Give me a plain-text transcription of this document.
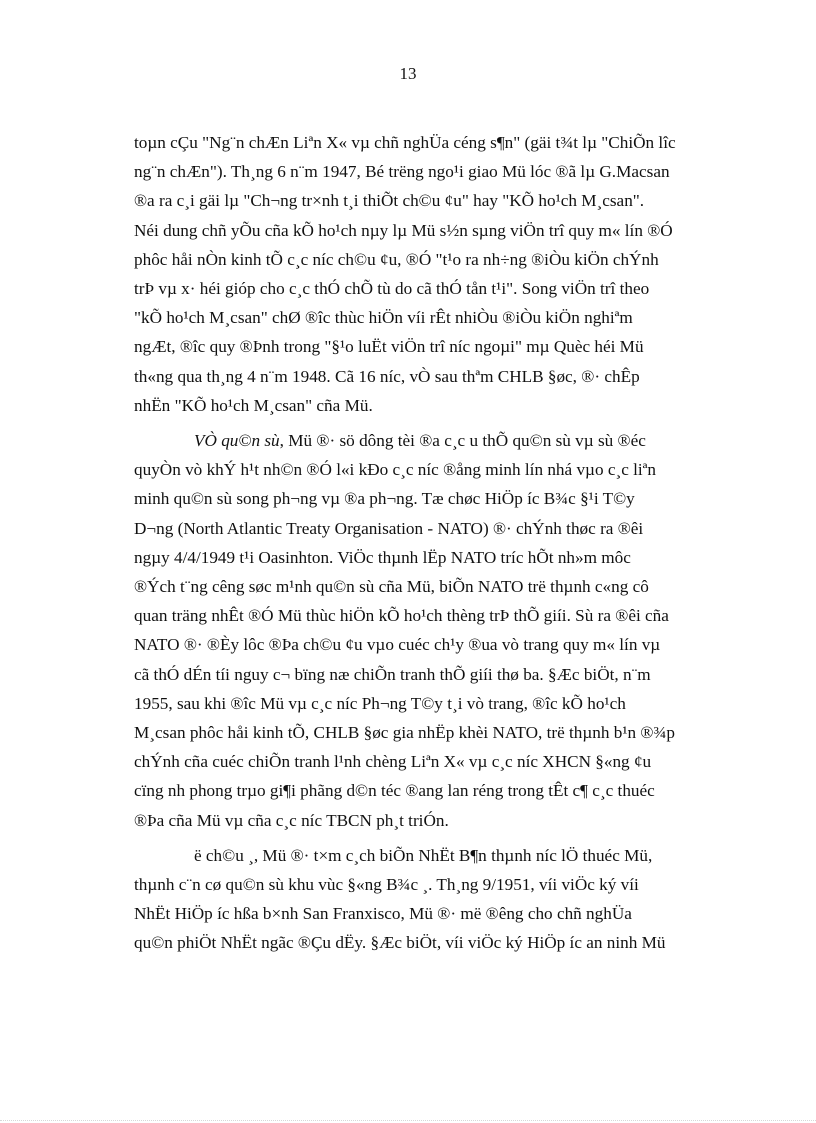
13

toµn cÇu "Ng¨n chÆn Liªn X« vµ chñ nghÜa céng s¶n" (gäi t¾t lµ "ChiÕn lîc
ng¨n chÆn"). Th¸ng 6 n¨m 1947, Bé trëng ngo¹i giao Mü lóc ®ã lµ G.Macsan
®a ra c¸i gäi lµ "Ch¬ng tr×nh t¸i thiÕt ch©u ¢u" hay "KÕ ho¹ch M¸csan".
Néi dung chñ yÕu cña kÕ ho¹ch nµy lµ Mü s½n sµng viÖn trî quy m« lín ®Ó
phôc håi nÒn kinh tÕ c¸c níc ch©u ¢u, ®Ó "t¹o ra nh÷ng ®iÒu kiÖn chÝnh
trÞ vµ x· héi gióp cho c¸c thÓ chÕ tù do cã thÓ tån t¹i". Song viÖn trî theo
"kÕ ho¹ch M¸csan" chØ ®îc thùc hiÖn víi rÊt nhiÒu ®iÒu kiÖn nghiªm
ngÆt, ®îc quy ®Þnh trong "§¹o luËt viÖn trî níc ngoµi" mµ Quèc héi Mü
th«ng qua th¸ng 4 n¨m 1948. Cã 16 níc, vÒ sau thªm CHLB §øc, ®· chÊp
nhËn "KÕ ho¹ch M¸csan" cña Mü.

VÒ qu©n sù, Mü ®· sö dông tèi ®a c¸c u thÕ qu©n sù vµ sù ®éc
quyÒn vò khÝ h¹t nh©n ®Ó l«i kÐo c¸c níc ®ång minh lín nhá vµo c¸c liªn
minh qu©n sù song ph¬ng vµ ®a ph¬ng. Tæ chøc HiÖp íc B¾c §¹i T©y
D¬ng (North Atlantic Treaty Organisation - NATO) ®· chÝnh thøc ra ®êi
ngµy 4/4/1949 t¹i Oasinhton. ViÖc thµnh lËp NATO tríc hÕt nh»m môc
®Ých t¨ng cêng søc m¹nh qu©n sù cña Mü, biÕn NATO trë thµnh c«ng cô
quan träng nhÊt ®Ó Mü thùc hiÖn kÕ ho¹ch thèng trÞ thÕ giíi. Sù ra ®êi cña
NATO ®· ®Èy lôc ®Þa ch©u ¢u vµo cuéc ch¹y ®ua vò trang quy m« lín vµ
cã thÓ dÉn tíi nguy c¬ bïng næ chiÕn tranh thÕ giíi thø ba. §Æc biÖt, n¨m
1955, sau khi ®îc Mü vµ c¸c níc Ph¬ng T©y t¸i vò trang, ®îc kÕ ho¹ch
M¸csan phôc håi kinh tÕ, CHLB §øc gia nhËp khèi NATO, trë thµnh b¹n ®¾p
chÝnh cña cuéc chiÕn tranh l¹nh chèng Liªn X« vµ c¸c níc XHCN §«ng ¢u
cïng nh phong trµo gi¶i phãng d©n téc ®ang lan réng trong tÊt c¶ c¸c thuéc
®Þa cña Mü vµ cña c¸c níc TBCN ph¸t triÓn.

ë ch©u ¸, Mü ®· t×m c¸ch biÕn NhËt B¶n thµnh níc lÖ thuéc Mü,
thµnh c¨n cø qu©n sù khu vùc §«ng B¾c ¸. Th¸ng 9/1951, víi viÖc ký víi
NhËt HiÖp íc hßa b×nh San Franxisco, Mü ®· më ®êng cho chñ nghÜa
qu©n phiÖt NhËt ngãc ®Çu dËy. §Æc biÖt, víi viÖc ký HiÖp íc an ninh Mü
